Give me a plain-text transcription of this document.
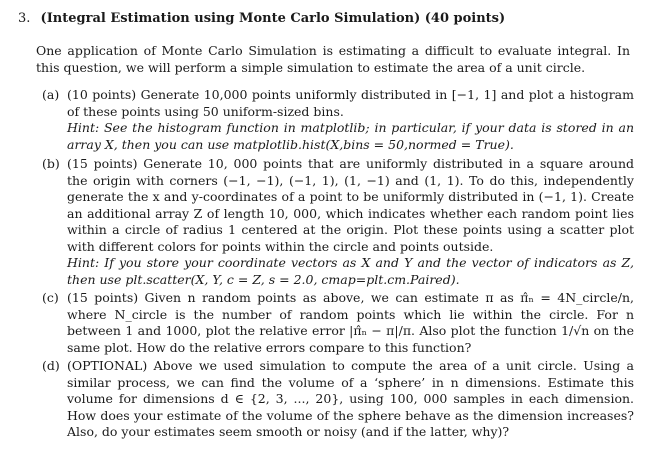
3. (Integral Estimation using Monte Carlo Simulation) (40 points)
One application of Monte Carlo Simulation is estimating a difficult to evaluate integral. In this question, we will perform a simple simulation to estimate the area of a unit circle.
(a) (10 points) Generate 10,000 points uniformly distributed in [−1, 1] and plot a histogram of these points using 50 uniform-sized bins.
Hint: See the histogram function in matplotlib; in particular, if your data is stored in an array X, then you can use matplotlib.hist(X,bins = 50,normed = True).
(b) (15 points) Generate 10, 000 points that are uniformly distributed in a square around the origin with corners (−1, −1), (−1, 1), (1, −1) and (1, 1). To do this, independently generate the x and y-coordinates of a point to be uniformly distributed in (−1, 1). Create an additional array Z of length 10, 000, which indicates whether each random point lies within a circle of radius 1 centered at the origin. Plot these points using a scatter plot with different colors for points within the circle and points outside.
Hint: If you store your coordinate vectors as X and Y and the vector of indicators as Z, then use plt.scatter(X, Y, c = Z, s = 2.0, cmap=plt.cm.Paired).
(c) (15 points) Given n random points as above, we can estimate π as π̂ₙ = 4N_circle/n, where N_circle is the number of random points which lie within the circle. For n between 1 and 1000, plot the relative error |π̂ₙ − π|/π. Also plot the function 1/√n on the same plot. How do the relative errors compare to this function?
(d) (OPTIONAL) Above we used simulation to compute the area of a unit circle. Using a similar process, we can find the volume of a ‘sphere’ in n dimensions. Estimate this volume for dimensions d ∈ {2, 3, ..., 20}, using 100, 000 samples in each dimension. How does your estimate of the volume of the sphere behave as the dimension increases? Also, do your estimates seem smooth or noisy (and if the latter, why)?
